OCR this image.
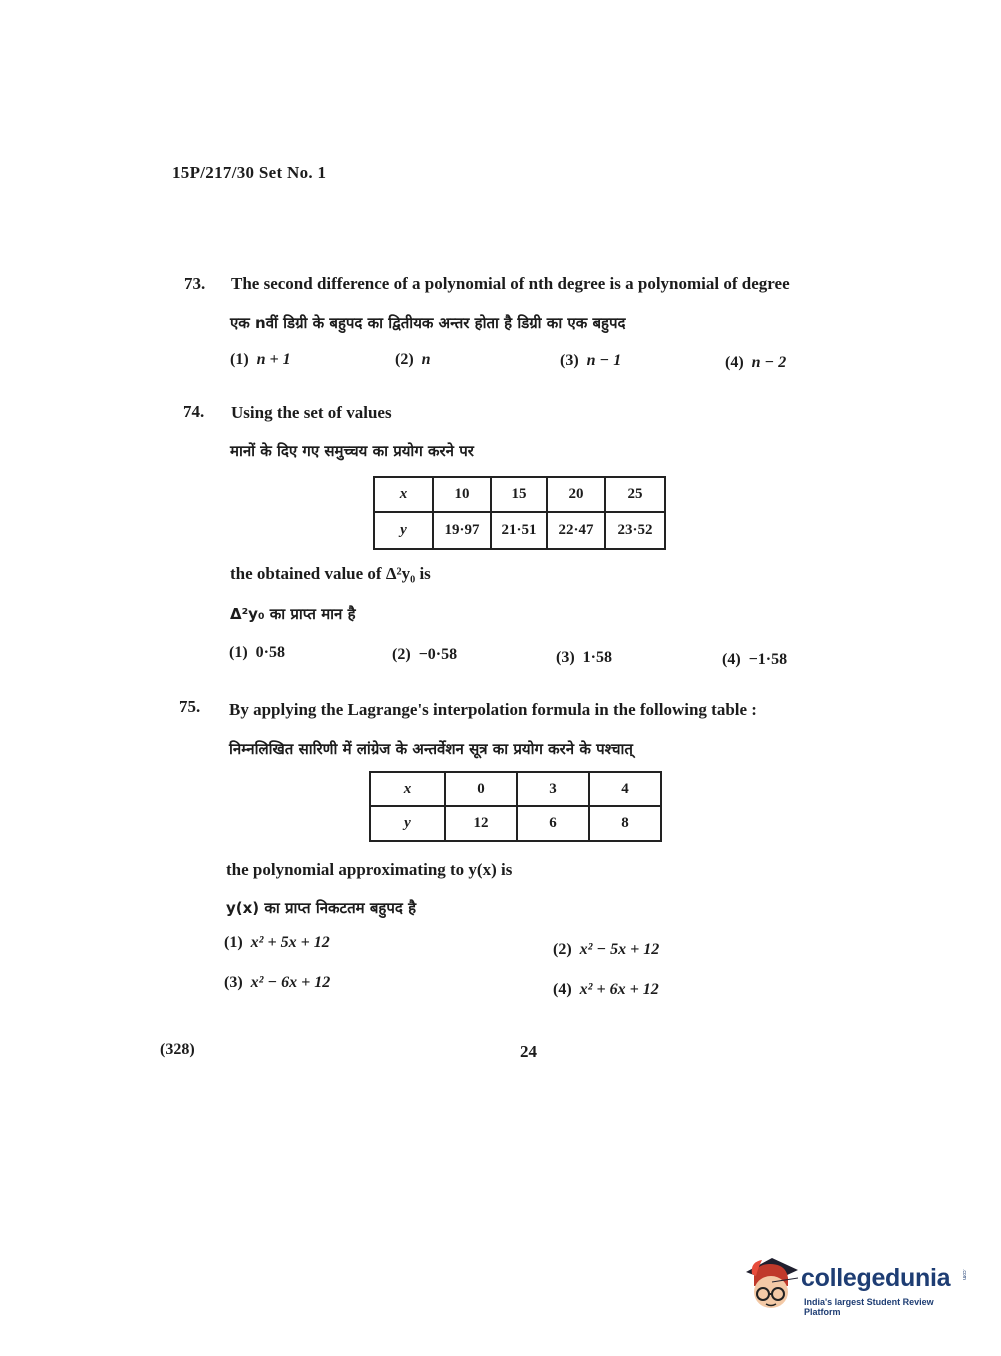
15P/217/30 Set No. 1
73. The second difference of a polynomial of nth degree is a polynomial of degree
एक nवीं डिग्री के बहुपद का द्वितीयक अन्तर होता है डिग्री का एक बहुपद
(1) n + 1	(2) n	(3) n − 1	(4) n − 2
74. Using the set of values
मानों के दिए गए समुच्चय का प्रयोग करने पर
x	10	15	20	25
y	19·97	21·51	22·47	23·52
the obtained value of Δ²y₀ is
Δ²y₀ का प्राप्त मान है
(1) 0·58	(2) −0·58	(3) 1·58	(4) −1·58
75. By applying the Lagrange's interpolation formula in the following table :
निम्नलिखित सारिणी में लांग्रेज के अन्तर्वेशन सूत्र का प्रयोग करने के पश्चात्
x	0	3	4
y	12	6	8
the polynomial approximating to y(x) is
y(x) का प्राप्त निकटतम बहुपद है
(1) x² + 5x + 12	(2) x² − 5x + 12
(3) x² − 6x + 12	(4) x² + 6x + 12
(328)	24
collegedunia .com
India's largest Student Review Platform
